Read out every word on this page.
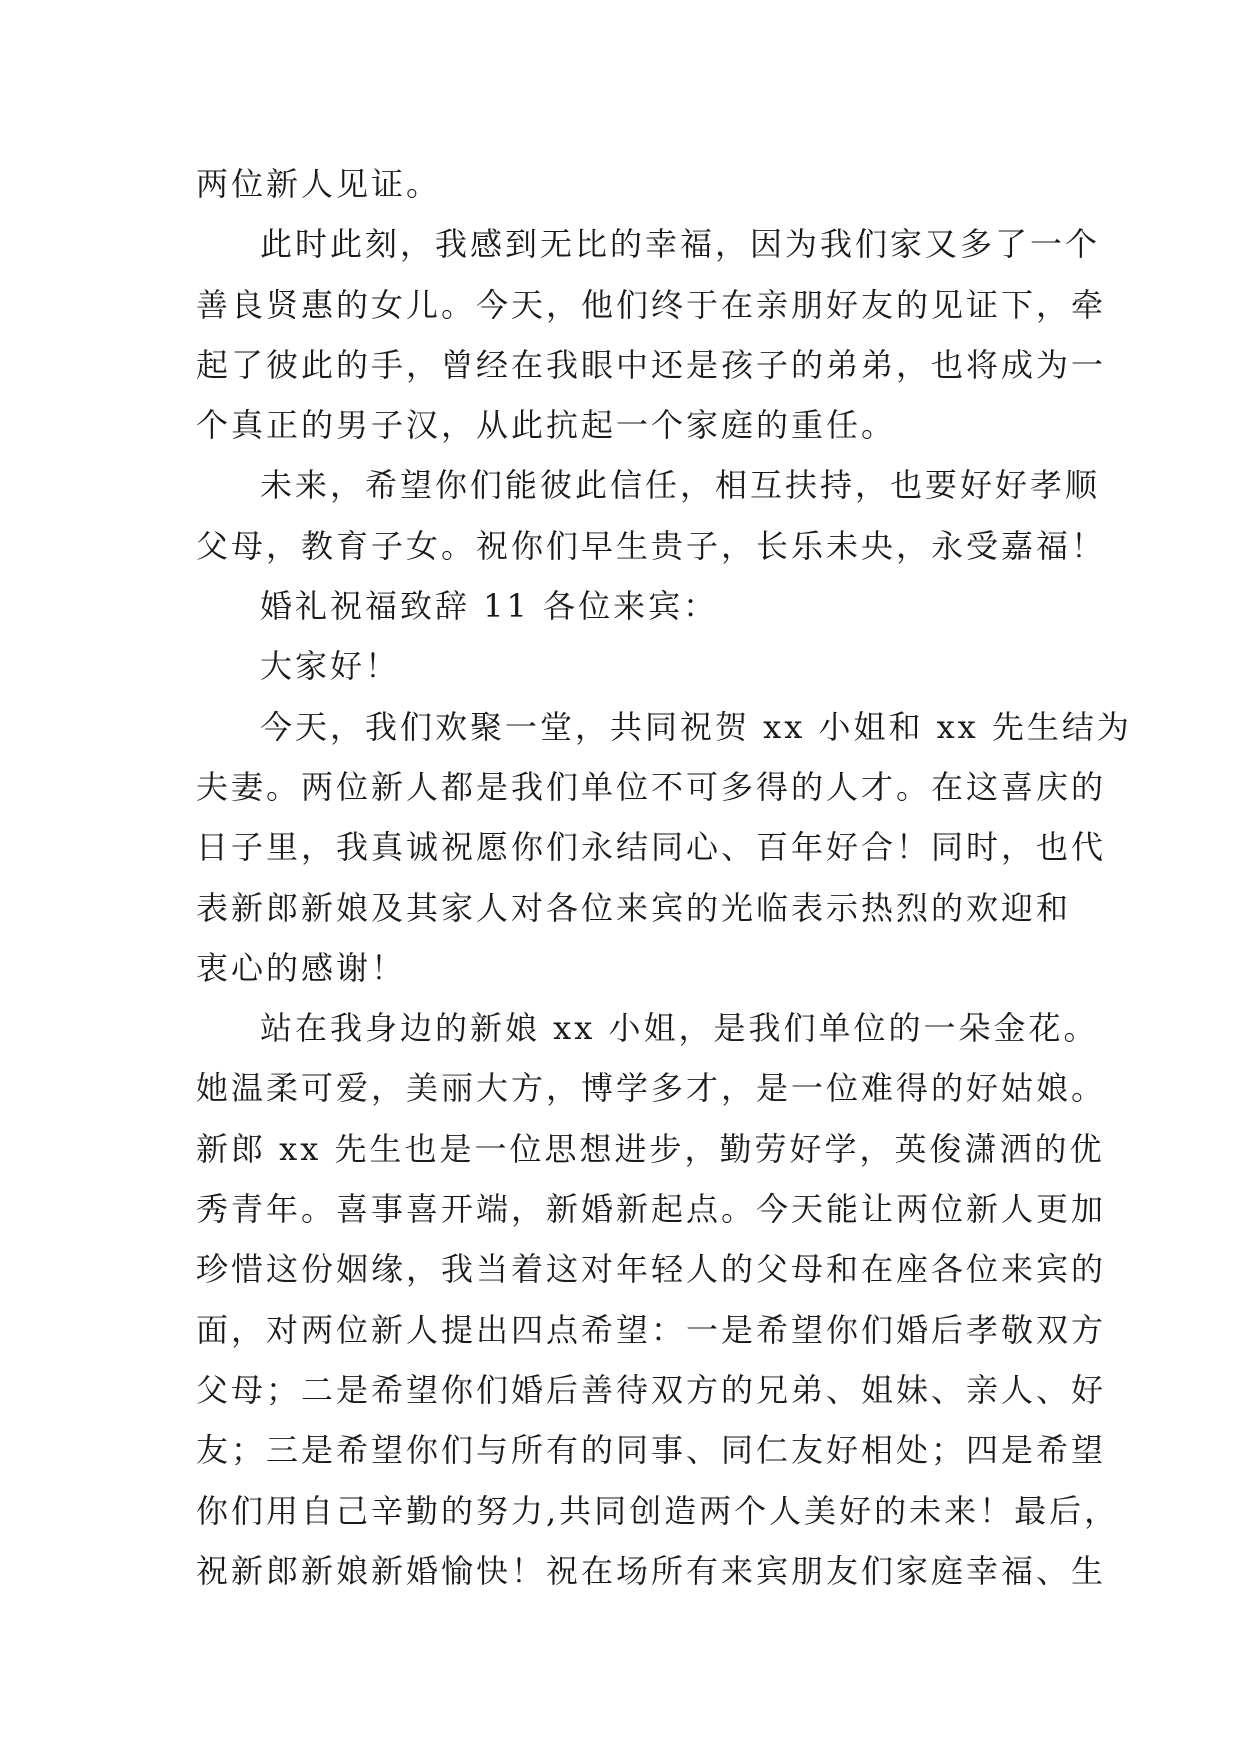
两位新人见证。
此时此刻，我感到无比的幸福，因为我们家又多了一个
善良贤惠的女儿。今天，他们终于在亲朋好友的见证下，牵
起了彼此的手，曾经在我眼中还是孩子的弟弟，也将成为一
个真正的男子汉，从此抗起一个家庭的重任。
未来，希望你们能彼此信任，相互扶持，也要好好孝顺
父母，教育子女。祝你们早生贵子，长乐未央，永受嘉福！
婚礼祝福致辞 11 各位来宾：
大家好！
今天，我们欢聚一堂，共同祝贺 xx 小姐和 xx 先生结为
夫妻。两位新人都是我们单位不可多得的人才。在这喜庆的
日子里，我真诚祝愿你们永结同心、百年好合！同时，也代
表新郎新娘及其家人对各位来宾的光临表示热烈的欢迎和
衷心的感谢！
站在我身边的新娘 xx 小姐，是我们单位的一朵金花。
她温柔可爱，美丽大方，博学多才，是一位难得的好姑娘。
新郎 xx 先生也是一位思想进步，勤劳好学，英俊潇洒的优
秀青年。喜事喜开端，新婚新起点。今天能让两位新人更加
珍惜这份姻缘，我当着这对年轻人的父母和在座各位来宾的
面，对两位新人提出四点希望：一是希望你们婚后孝敬双方
父母；二是希望你们婚后善待双方的兄弟、姐妹、亲人、好
友；三是希望你们与所有的同事、同仁友好相处；四是希望
你们用自己辛勤的努力,共同创造两个人美好的未来！最后，
祝新郎新娘新婚愉快！祝在场所有来宾朋友们家庭幸福、生
